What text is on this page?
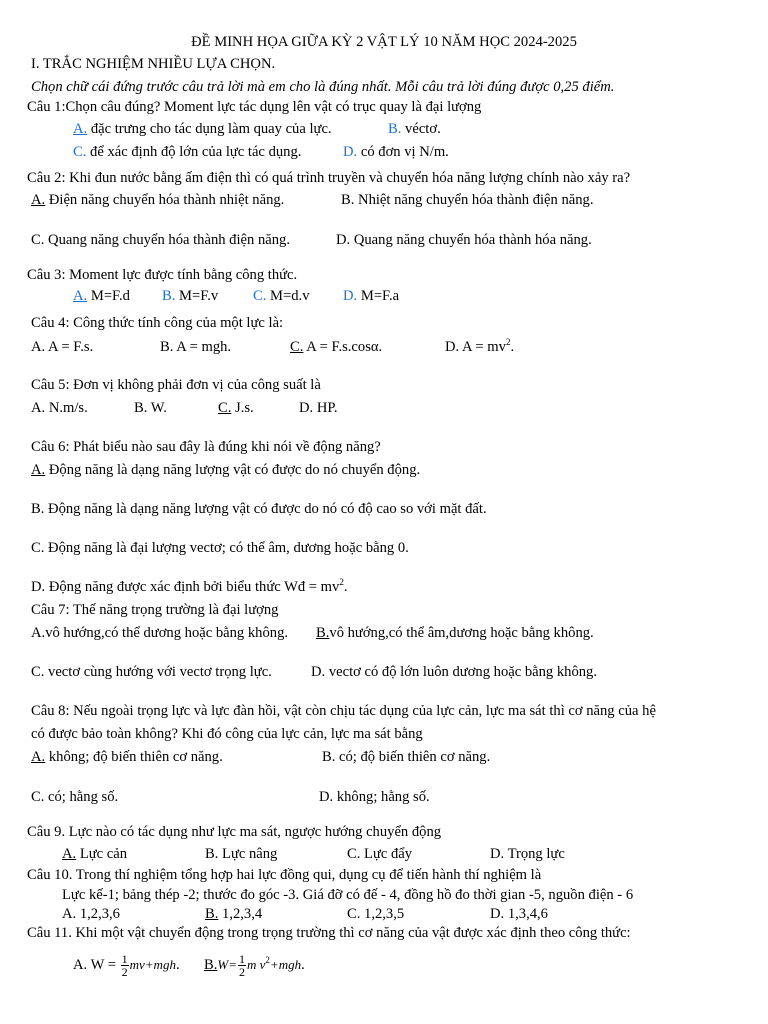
ĐỀ MINH HỌA GIỮA KỲ 2 VẬT LÝ 10 NĂM HỌC 2024-2025
I. TRẮC NGHIỆM NHIỀU LỰA CHỌN.
Chọn chữ cái đứng trước câu trả lời mà em cho là đúng nhất. Mỗi câu trả lời đúng được 0,25 điểm.
Câu 1:Chọn câu đúng? Moment lực tác dụng lên vật có trục quay là đại lượng
A. đặc trưng cho tác dụng làm quay của lực.	B. véctơ.
C. để xác định độ lớn của lực tác dụng.	D. có đơn vị N/m.
Câu 2: Khi đun nước bằng ấm điện thì có quá trình truyền và chuyển hóa năng lượng chính nào xảy ra?
A. Điện năng chuyển hóa thành nhiệt năng.	B. Nhiệt năng chuyển hóa thành điện năng.
C. Quang năng chuyển hóa thành điện năng.	D. Quang năng chuyển hóa thành hóa năng.
Câu 3: Moment lực được tính bằng công thức.
A. M=F.d B. M=F.v C. M=d.v D. M=F.a
Câu 4: Công thức tính công của một lực là:
A. A = F.s.	B. A = mgh.	C. A = F.s.cosα.	D. $A = mv^2$.
Câu 5: Đơn vị không phải đơn vị của công suất là
A. N.m/s.	B. W.	C. J.s.	D. HP.
Câu 6: Phát biểu nào sau đây là đúng khi nói về động năng?
A. Động năng là dạng năng lượng vật có được do nó chuyển động.
B. Động năng là dạng năng lượng vật có được do nó có độ cao so với mặt đất.
C. Động năng là đại lượng vectơ; có thể âm, dương hoặc bằng 0.
D. Động năng được xác định bởi biểu thức Wđ = $mv^2$.
Câu 7: Thế năng trọng trường là đại lượng
A.vô hướng,có thể dương hoặc bằng không. B.vô hướng,có thể âm,dương hoặc bằng không.
C. vectơ cùng hướng với vectơ trọng lực.	D. vectơ có độ lớn luôn dương hoặc bằng không.
Câu 8: Nếu ngoài trọng lực và lực đàn hồi, vật còn chịu tác dụng của lực cản, lực ma sát thì cơ năng của hệ
có được bảo toàn không? Khi đó công của lực cản, lực ma sát bằng
A. không; độ biến thiên cơ năng.	B. có; độ biến thiên cơ năng.
C. có; hằng số.	D. không; hằng số.
Câu 9. Lực nào có tác dụng như lực ma sát, ngược hướng chuyển động
A. Lực cản	B. Lực nâng	C. Lực đẩy	D. Trọng lực
Câu 10. Trong thí nghiệm tổng hợp hai lực đồng qui, dụng cụ để tiến hành thí nghiệm là
Lực kế-1; bảng thép -2; thước đo góc -3. Giá đỡ có đế - 4, đồng hồ đo thời gian -5, nguồn điện - 6
A. 1,2,3,6	B. 1,2,3,4	C. 1,2,3,5	D. 1,3,4,6
Câu 11. Khi một vật chuyển động trong trọng trường thì cơ năng của vật được xác định theo công thức:
A. $W = \frac{1}{2} mv+mgh$. $B.W= \frac{1}{2}$ m $v^2+mgh$.
